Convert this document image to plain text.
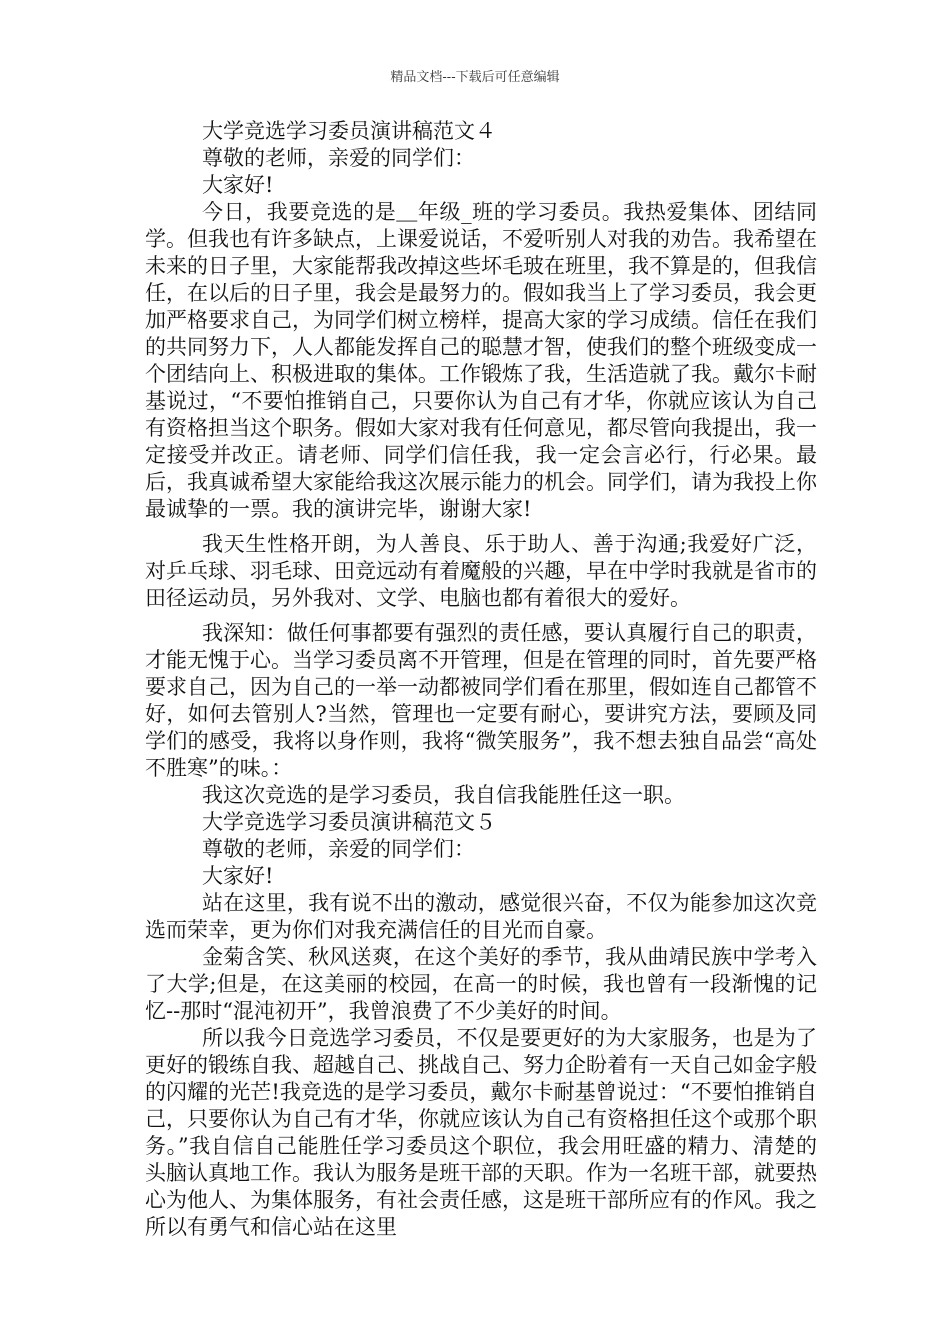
精品文档---下载后可任意编辑

大学竞选学习委员演讲稿范文４

尊敬的老师，亲爱的同学们：

大家好!

今日，我要竞选的是＿年级_班的学习委员。我热爱集体、团结同学。但我也有许多缺点，上课爱说话，不爱听别人对我的劝告。我希望在未来的日子里，大家能帮我改掉这些坏毛玻在班里，我不算是的，但我信任，在以后的日子里，我会是最努力的。假如我当上了学习委员，我会更加严格要求自己，为同学们树立榜样，提高大家的学习成绩。信任在我们的共同努力下，人人都能发挥自己的聪慧才智，使我们的整个班级变成一个团结向上、积极进取的集体。工作锻炼了我，生活造就了我。戴尔卡耐基说过，“不要怕推销自己，只要你认为自己有才华，你就应该认为自己有资格担当这个职务。假如大家对我有任何意见，都尽管向我提出，我一定接受并改正。请老师、同学们信任我，我一定会言必行，行必果。最后，我真诚希望大家能给我这次展示能力的机会。同学们，请为我投上你最诚挚的一票。我的演讲完毕，谢谢大家!

我天生性格开朗，为人善良、乐于助人、善于沟通;我爱好广泛，对乒乓球、羽毛球、田竞远动有着魔般的兴趣，早在中学时我就是省市的田径运动员，另外我对、文学、电脑也都有着很大的爱好。

我深知：做任何事都要有强烈的责任感，要认真履行自己的职责，才能无愧于心。当学习委员离不开管理，但是在管理的同时，首先要严格要求自己，因为自己的一举一动都被同学们看在那里，假如连自己都管不好，如何去管别人?当然，管理也一定要有耐心，要讲究方法，要顾及同学们的感受，我将以身作则，我将“微笑服务”，我不想去独自品尝“高处不胜寒”的味。：

我这次竞选的是学习委员，我自信我能胜任这一职。

大学竞选学习委员演讲稿范文５

尊敬的老师，亲爱的同学们：

大家好!

站在这里，我有说不出的激动，感觉很兴奋，不仅为能参加这次竞选而荣幸，更为你们对我充满信任的目光而自豪。

金菊含笑、秋风送爽，在这个美好的季节，我从曲靖民族中学考入了大学;但是，在这美丽的校园，在高一的时候，我也曾有一段渐愧的记忆--那时“混沌初开”，我曾浪费了不少美好的时间。

所以我今日竞选学习委员，不仅是要更好的为大家服务，也是为了更好的锻练自我、超越自己、挑战自己、努力企盼着有一天自己如金字般的闪耀的光芒!我竞选的是学习委员，戴尔卡耐基曾说过：“不要怕推销自己，只要你认为自己有才华，你就应该认为自己有资格担任这个或那个职务。”我自信自己能胜任学习委员这个职位，我会用旺盛的精力、清楚的头脑认真地工作。我认为服务是班干部的天职。作为一名班干部，就要热心为他人、为集体服务，有社会责任感，这是班干部所应有的作风。我之所以有勇气和信心站在这里
